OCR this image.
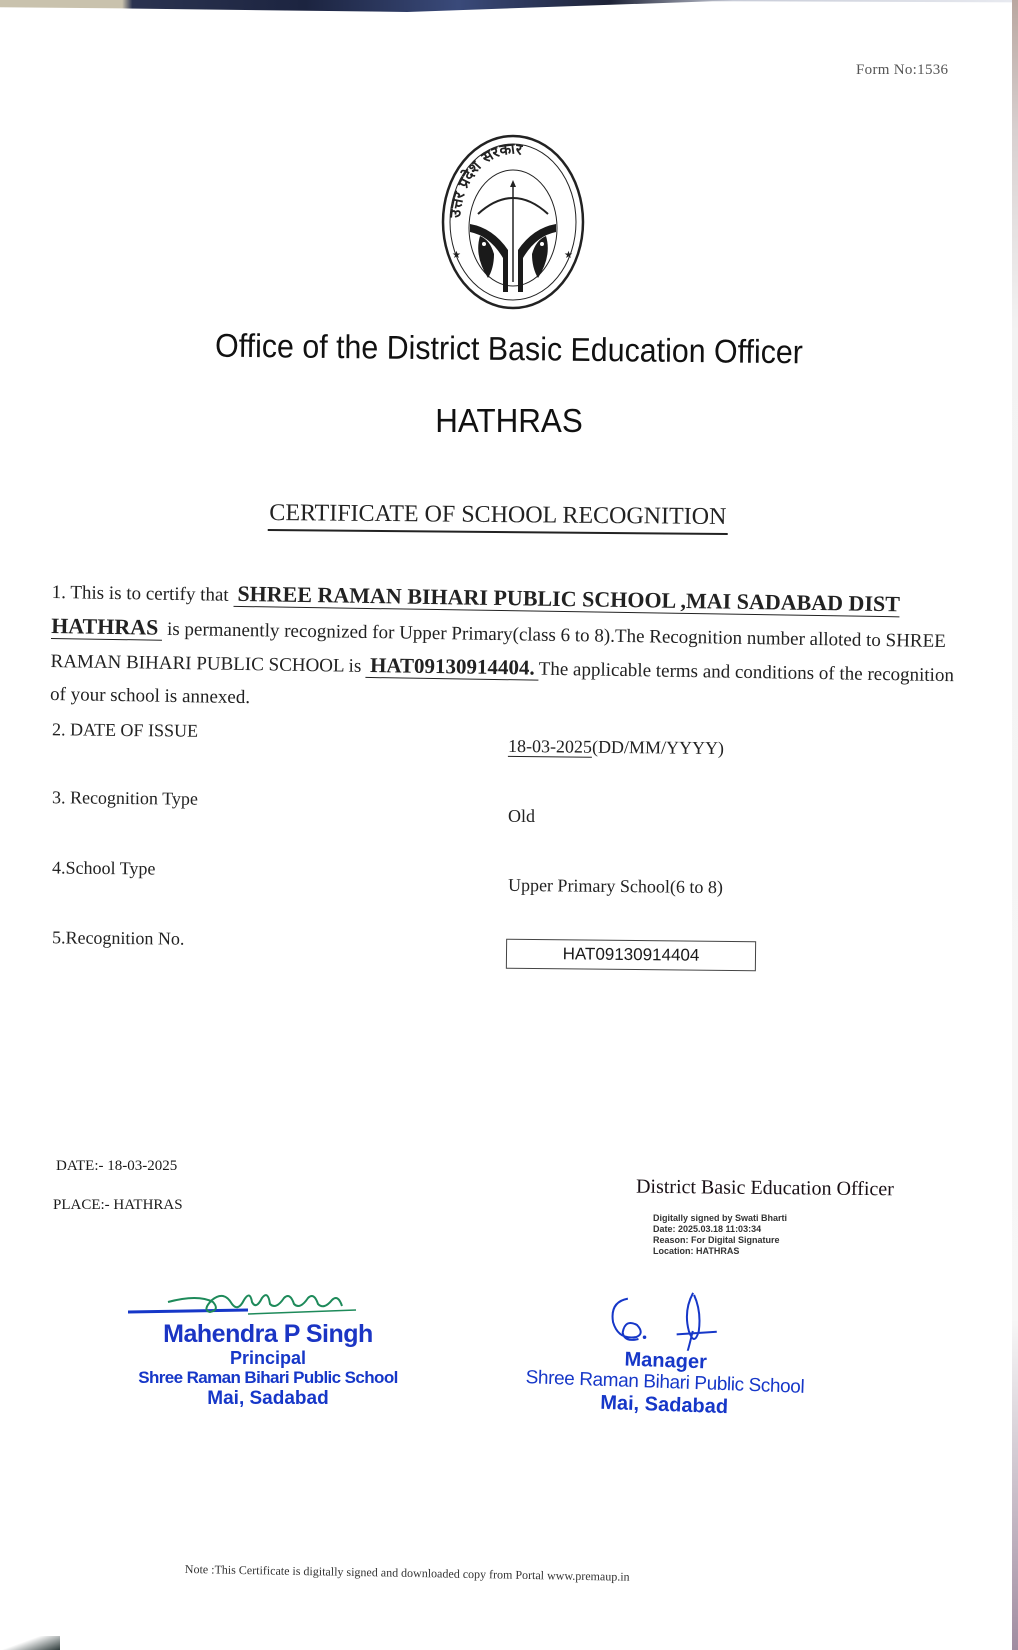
Form No:1536
उत्तर प्रदेश सरकार
★	★
Office of the District Basic Education Officer
HATHRAS
CERTIFICATE OF SCHOOL RECOGNITION
1. This is to certify that SHREE RAMAN BIHARI PUBLIC SCHOOL ,MAI SADABAD DIST HATHRAS is permanently recognized for Upper Primary(class 6 to 8).The Recognition number alloted to SHREE RAMAN BIHARI PUBLIC SCHOOL is HAT09130914404. The applicable terms and conditions of the recognition of your school is annexed.
2. DATE OF ISSUE
18-03-2025(DD/MM/YYYY)
3. Recognition Type
Old
4.School Type
Upper Primary School(6 to 8)
5.Recognition No.
HAT09130914404
DATE:- 18-03-2025
PLACE:- HATHRAS
District Basic Education Officer
Digitally signed by Swati Bharti
Date: 2025.03.18 11:03:34
Reason: For Digital Signature
Location: HATHRAS
Mahendra P Singh
Principal
Shree Raman Bihari Public School
Mai, Sadabad
Manager
Shree Raman Bihari Public School
Mai, Sadabad
Note :This Certificate is digitally signed and downloaded copy from Portal www.premaup.in
